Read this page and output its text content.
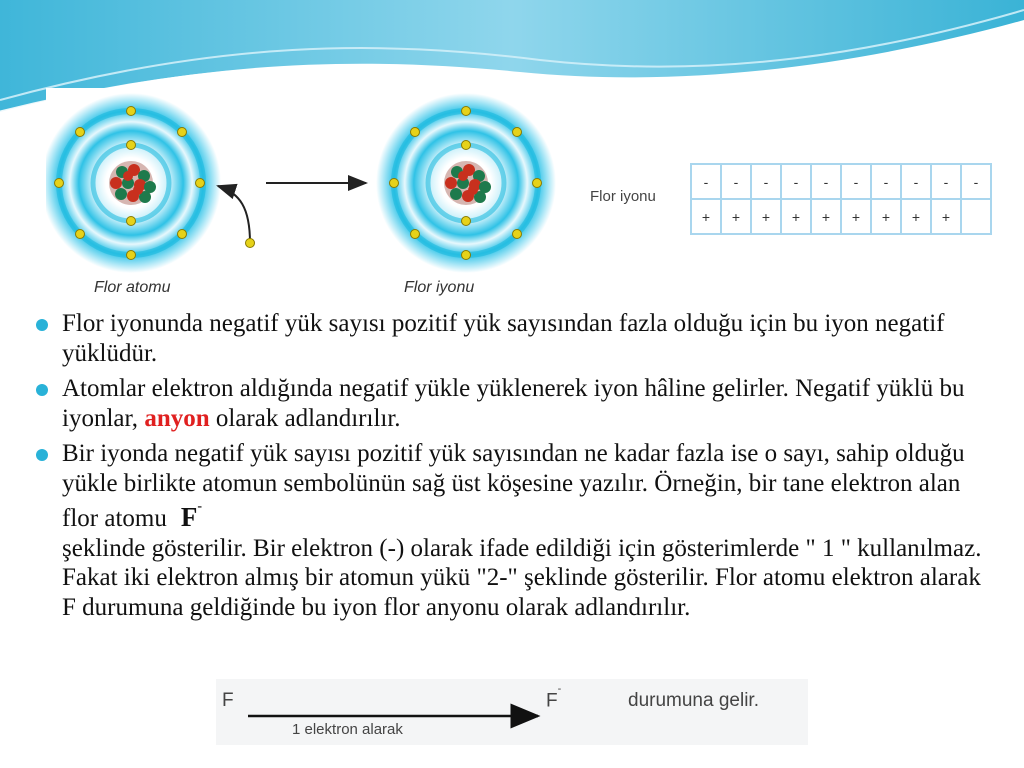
Flor atomu	Flor iyonu
Flor iyonu
-	-	-	-	-	-	-	-	-	-
+	+	+	+	+	+	+	+	+	
Flor iyonunda negatif yük sayısı pozitif yük sayısından fazla olduğu için bu iyon negatif yüklüdür.
Atomlar elektron aldığında negatif yükle yüklenerek iyon hâline gelirler. Negatif yüklü bu iyonlar, anyon olarak adlandırılır.
Bir iyonda negatif yük sayısı pozitif yük sayısından ne kadar fazla ise o sayı, sahip olduğu yükle birlikte atomun sembolünün sağ üst köşesine yazılır. Örneğin, bir tane elektron alan flor atomu F-
şeklinde gösterilir. Bir elektron (-) olarak ifade edildiği için gösterimlerde " 1 " kullanılmaz. Fakat iki elektron almış bir atomun yükü "2-" şeklinde gösterilir. Flor atomu elektron alarak F durumuna geldiğinde bu iyon flor anyonu olarak adlandırılır.
F	F-
durumuna gelir.
1 elektron alarak
